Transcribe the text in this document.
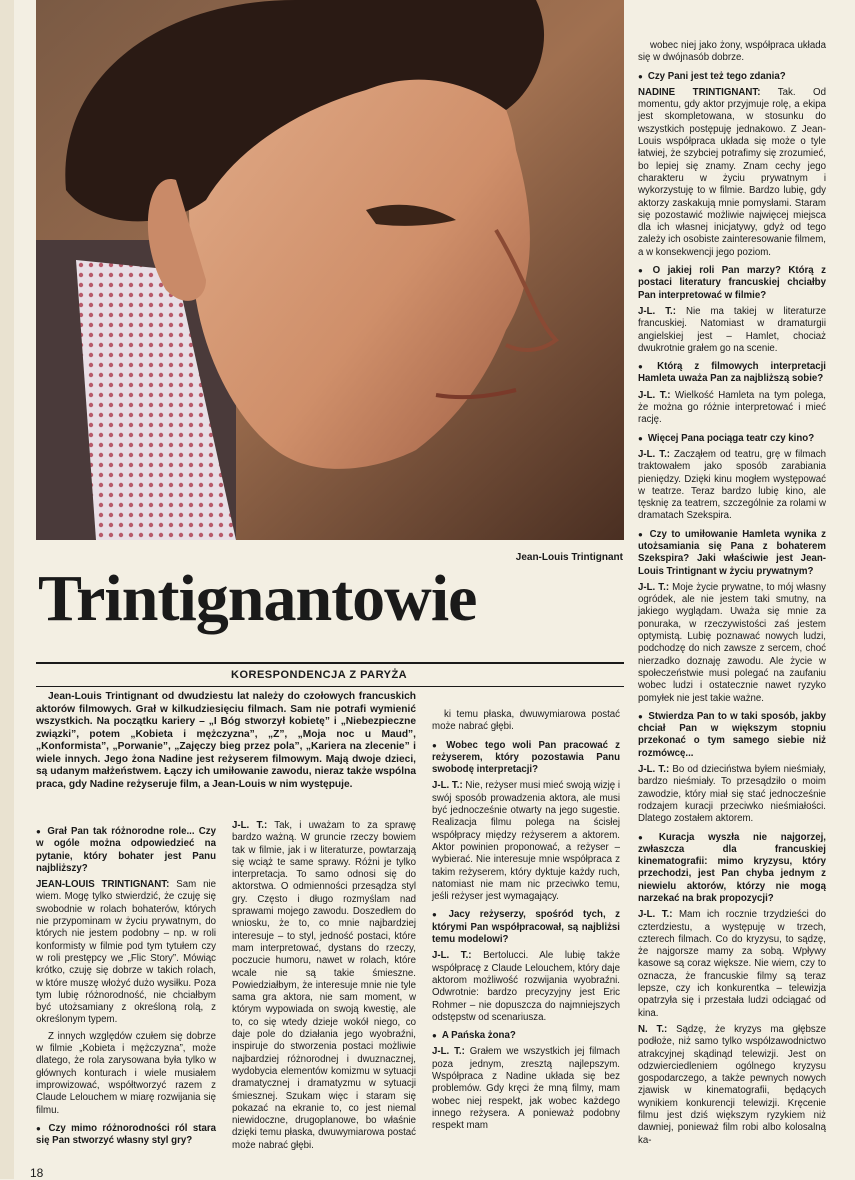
Jean-Louis Trintignant
Trintignantowie
KORESPONDENCJA Z PARYŻA

Jean-Louis Trintignant od dwudziestu lat należy do czołowych francuskich aktorów filmowych. Grał w kilkudziesięciu filmach. Sam nie potrafi wymienić wszystkich. Na początku kariery – „I Bóg stworzył kobietę” i „Niebezpieczne związki”, potem „Kobieta i mężczyzna”, „Z”, „Moja noc u Maud”, „Konformista”, „Porwanie”, „Zajęczy bieg przez pola”, „Kariera na zlecenie” i wiele innych. Jego żona Nadine jest reżyserem filmowym. Mają dwoje dzieci, są udanym małżeństwem. Łączy ich umiłowanie zawodu, nieraz także wspólna praca, gdy Nadine reżyseruje film, a Jean-Louis w nim występuje.

● Grał Pan tak różnorodne role... Czy w ogóle można odpowiedzieć na pytanie, który bohater jest Panu najbliższy?

JEAN-LOUIS TRINTIGNANT: Sam nie wiem. Mogę tylko stwierdzić, że czuję się swobodnie w rolach bohaterów, których nie przypominam w życiu prywatnym, do których nie jestem podobny – np. w roli konformisty w filmie pod tym tytułem czy w roli prestępcy we „Flic Story”. Mówiąc krótko, czuję się dobrze w takich rolach, w które muszę włożyć dużo wysiłku. Poza tym lubię różnorodność, nie chciałbym być utożsamiany z określoną rolą, z określonym typem.

Z innych względów czułem się dobrze w filmie „Kobieta i mężczyzna”, może dlatego, że rola zarysowana była tylko w głównych konturach i wiele musiałem improwizować, współtworzyć razem z Claude Lelouchem w miarę rozwijania się filmu.

● Czy mimo różnorodności ról stara się Pan stworzyć własny styl gry?

J-L. T.: Tak, i uważam to za sprawę bardzo ważną. W gruncie rzeczy bowiem tak w filmie, jak i w literaturze, powtarzają się wciąż te same sprawy. Różni je tylko interpretacja. To samo odnosi się do aktorstwa. O odmienności przesądza styl gry. Często i długo rozmyślam nad sprawami mojego zawodu. Doszedłem do wniosku, że to, co mnie najbardziej interesuje – to styl, jedność postaci, które mam interpretować, dystans do rzeczy, poczucie humoru, nawet w rolach, które wcale nie są takie śmieszne. Powiedziałbym, że interesuje mnie nie tyle sama gra aktora, nie sam moment, w którym wypowiada on swoją kwestię, ale to, co się wtedy dzieje wokół niego, co daje pole do działania jego wyobraźni, inspiruje do stworzenia postaci możliwie najbardziej różnorodnej i dwuznacznej, wydobycia elementów komizmu w sytuacji dramatycznej i dramatyzmu w sytuacji śmiesznej. Szukam więc i staram się pokazać na ekranie to, co jest niemal niewidoczne, drugoplanowe, bo właśnie dzięki temu płaska, dwuwymiarowa postać może nabrać głębi.

ki temu płaska, dwuwymiarowa postać może nabrać głębi.

● Wobec tego woli Pan pracować z reżyserem, który pozostawia Panu swobodę interpretacji?

J-L. T.: Nie, reżyser musi mieć swoją wizję i swój sposób prowadzenia aktora, ale musi być jednocześnie otwarty na jego sugestie. Realizacja filmu polega na ścisłej współpracy między reżyserem a aktorem. Aktor powinien proponować, a reżyser – wybierać. Nie interesuje mnie współpraca z takim reżyserem, który dyktuje każdy ruch, natomiast nie mam nic przeciwko temu, jeśli reżyser jest wymagający.

● Jacy reżyserzy, spośród tych, z którymi Pan współpracował, są najbliżsi temu modelowi?

J-L. T.: Bertolucci. Ale lubię także współpracę z Claude Lelouchem, który daje aktorom możliwość rozwijania wyobraźni. Odwrotnie: bardzo precyzyjny jest Eric Rohmer – nie dopuszcza do najmniejszych odstępstw od scenariusza.

● A Pańska żona?

J-L. T.: Grałem we wszystkich jej filmach poza jednym, zresztą najlepszym. Współpraca z Nadine układa się bez problemów. Gdy kręci że mną filmy, mam wobec niej respekt, jak wobec każdego innego reżysera. A ponieważ podobny respekt mam

wobec niej jako żony, współpraca układa się w dwójnasób dobrze.

● Czy Pani jest też tego zdania?

NADINE TRINTIGNANT: Tak. Od momentu, gdy aktor przyjmuje rolę, a ekipa jest skompletowana, w stosunku do wszystkich postępuję jednakowo. Z Jean-Louis współpraca układa się może o tyle łatwiej, że szybciej potrafimy się zrozumieć, bo lepiej się znamy. Znam cechy jego charakteru w życiu prywatnym i wykorzystuję to w filmie. Bardzo lubię, gdy aktorzy zaskakują mnie pomysłami. Staram się pozostawić możliwie najwięcej miejsca dla ich własnej inicjatywy, gdyż od tego zależy ich osobiste zainteresowanie filmem, a w konsekwencji jego poziom.

● O jakiej roli Pan marzy? Którą z postaci literatury francuskiej chciałby Pan interpretować w filmie?

J-L. T.: Nie ma takiej w literaturze francuskiej. Natomiast w dramaturgii angielskiej jest – Hamlet, chociaż dwukrotnie grałem go na scenie.

● Którą z filmowych interpretacji Hamleta uważa Pan za najbliższą sobie?

J-L. T.: Wielkość Hamleta na tym polega, że można go różnie interpretować i mieć rację.

● Więcej Pana pociąga teatr czy kino?

J-L. T.: Zacząłem od teatru, grę w filmach traktowałem jako sposób zarabiania pieniędzy. Dzięki kinu mogłem występować w teatrze. Teraz bardzo lubię kino, ale tęsknię za teatrem, szczególnie za rolami w dramatach Szekspira.

● Czy to umiłowanie Hamleta wynika z utożsamiania się Pana z bohaterem Szekspira? Jaki właściwie jest Jean-Louis Trintignant w życiu prywatnym?

J-L. T.: Moje życie prywatne, to mój własny ogródek, ale nie jestem taki smutny, na jakiego wyglądam. Uważa się mnie za ponuraka, w rzeczywistości zaś jestem optymistą. Lubię poznawać nowych ludzi, podchodzę do nich zawsze z sercem, choć nierzadko doznaję zawodu. Ale życie w społeczeństwie musi polegać na zaufaniu wobec ludzi i ostatecznie nawet ryzyko pomyłek nie jest takie ważne.

● Stwierdza Pan to w taki sposób, jakby chciał Pan w większym stopniu przekonać o tym samego siebie niż rozmówcę...

J-L. T.: Bo od dzieciństwa byłem nieśmiały, bardzo nieśmiały. To przesądziło o moim zawodzie, który miał się stać jednocześnie rodzajem kuracji przeciwko nieśmiałości. Dlatego zostałem aktorem.

● Kuracja wyszła nie najgorzej, zwłaszcza dla francuskiej kinematografii: mimo kryzysu, który przechodzi, jest Pan chyba jednym z niewielu aktorów, którzy nie mogą narzekać na brak propozycji?

J-L. T.: Mam ich rocznie trzydzieści do czterdziestu, a występuję w trzech, czterech filmach. Co do kryzysu, to sądzę, że najgorsze mamy za sobą. Wpływy kasowe są coraz większe. Nie wiem, czy to oznacza, że francuskie filmy są teraz lepsze, czy ich konkurentka – telewizja opatrzyła się i przestała ludzi odciągać od kina.

N. T.: Sądzę, że kryzys ma głębsze podłoże, niż samo tylko współzawodnictwo atrakcyjnej skądinąd telewizji. Jest on odzwierciedleniem ogólnego kryzysu gospodarczego, a także pewnych nowych zjawisk w kinematografii, będących wynikiem konkurencji telewizji. Kręcenie filmu jest dziś większym ryzykiem niż dawniej, ponieważ film robi albo kolosalną ka-

18
